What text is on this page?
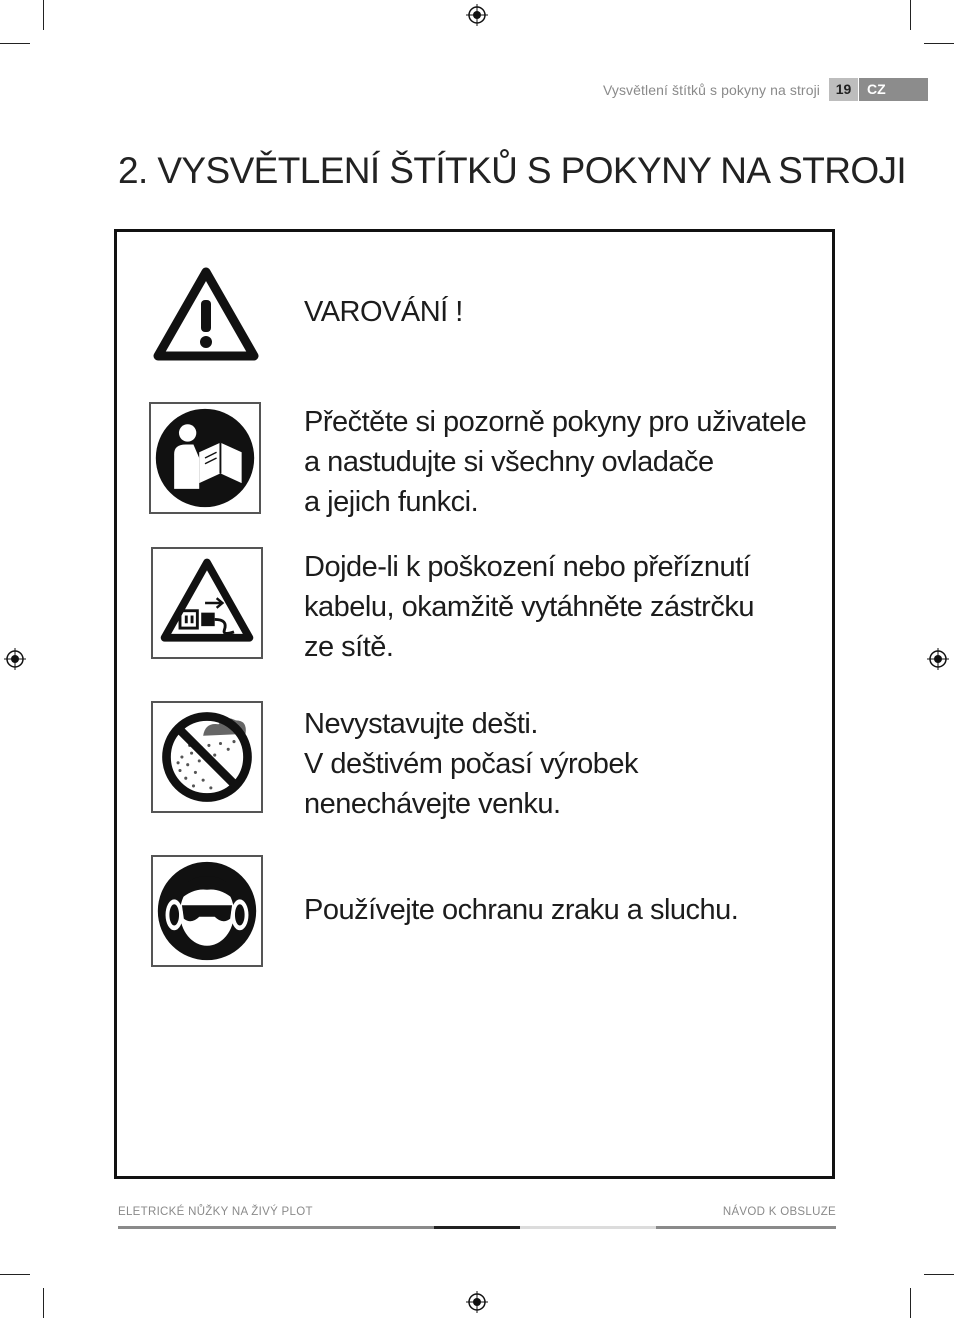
Vysvětlení štítků s pokyny na stroji	19	CZ
2. VYSVĚTLENÍ ŠTÍTKŮ S POKYNY NA STROJI
VAROVÁNÍ !
Přečtěte si pozorně pokyny pro uživatele
a nastudujte si všechny ovladače
a jejich funkci.
Dojde-li k poškození nebo přeříznutí
kabelu, okamžitě vytáhněte zástrčku
ze sítě.
Nevystavujte dešti.
V deštivém počasí výrobek
nenechávejte venku.
Používejte ochranu zraku a sluchu.
ELETRICKÉ NŮŽKY NA ŽIVÝ PLOT	NÁVOD K OBSLUZE
